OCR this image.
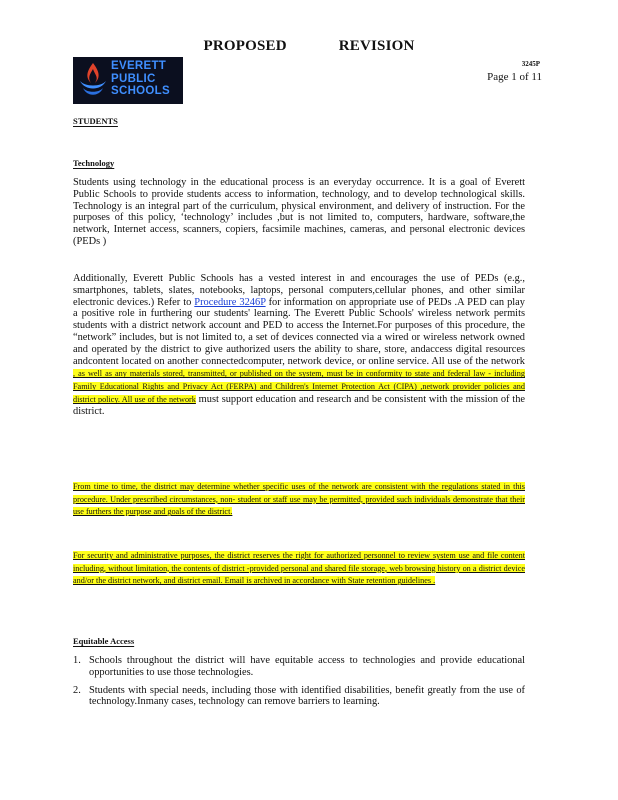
PROPOSED	REVISION
EVERETT
PUBLIC
SCHOOLS
3245P
Page 1 of 11
STUDENTS
Technology

Students using technology in the educational process is an everyday occurrence. It is a goal of Everett Public Schools to provide students access to information, technology, and to develop technological skills. Technology is an integral part of the curriculum, physical environment, and delivery of instruction. For the purposes of this policy, ‘technology’ includes ,but is not limited to, computers, hardware, software,the network, Internet access, scanners, copiers, facsimile machines, cameras, and personal electronic devices (PEDs )

Additionally, Everett Public Schools has a vested interest in and encourages the use of PEDs (e.g., smartphones, tablets, slates, notebooks, laptops, personal computers,cellular phones, and other similar electronic devices.) Refer to Procedure 3246P for information on appropriate use of PEDs .A PED can play a positive role in furthering our students' learning. The Everett Public Schools' wireless network permits students with a district network account and PED to access the Internet.For purposes of this procedure, the “network” includes, but is not limited to, a set of devices connected via a wired or wireless network owned and operated by the district to give authorized users the ability to share, store, andaccess digital resources andcontent located on another connectedcomputer, network device, or online service. All use of the network , as well as any materials stored, transmitted, or published on the system, must be in conformity to state and federal law - including Family Educational Rights and Privacy Act (FERPA) and Children's Internet Protection Act (CIPA) ,network provider policies and district policy. All use of the network must support education and research and be consistent with the mission of the district.

From time to time, the district may determine whether specific uses of the network are consistent with the regulations stated in this procedure. Under prescribed circumstances, non- student or staff use may be permitted, provided such individuals demonstrate that their use furthers the purpose and goals of the district.

For security and administrative purposes, the district reserves the right for authorized personnel to review system use and file content including, without limitation, the contents of district -provided personal and shared file storage, web browsing history on a district device and/or the district network, and district email. Email is archived in accordance with State retention guidelines .

Equitable Access
1. Schools throughout the district will have equitable access to technologies and provide educational opportunities to use those technologies.
2. Students with special needs, including those with identified disabilities, benefit greatly from the use of technology.Inmany cases, technology can remove barriers to learning.
